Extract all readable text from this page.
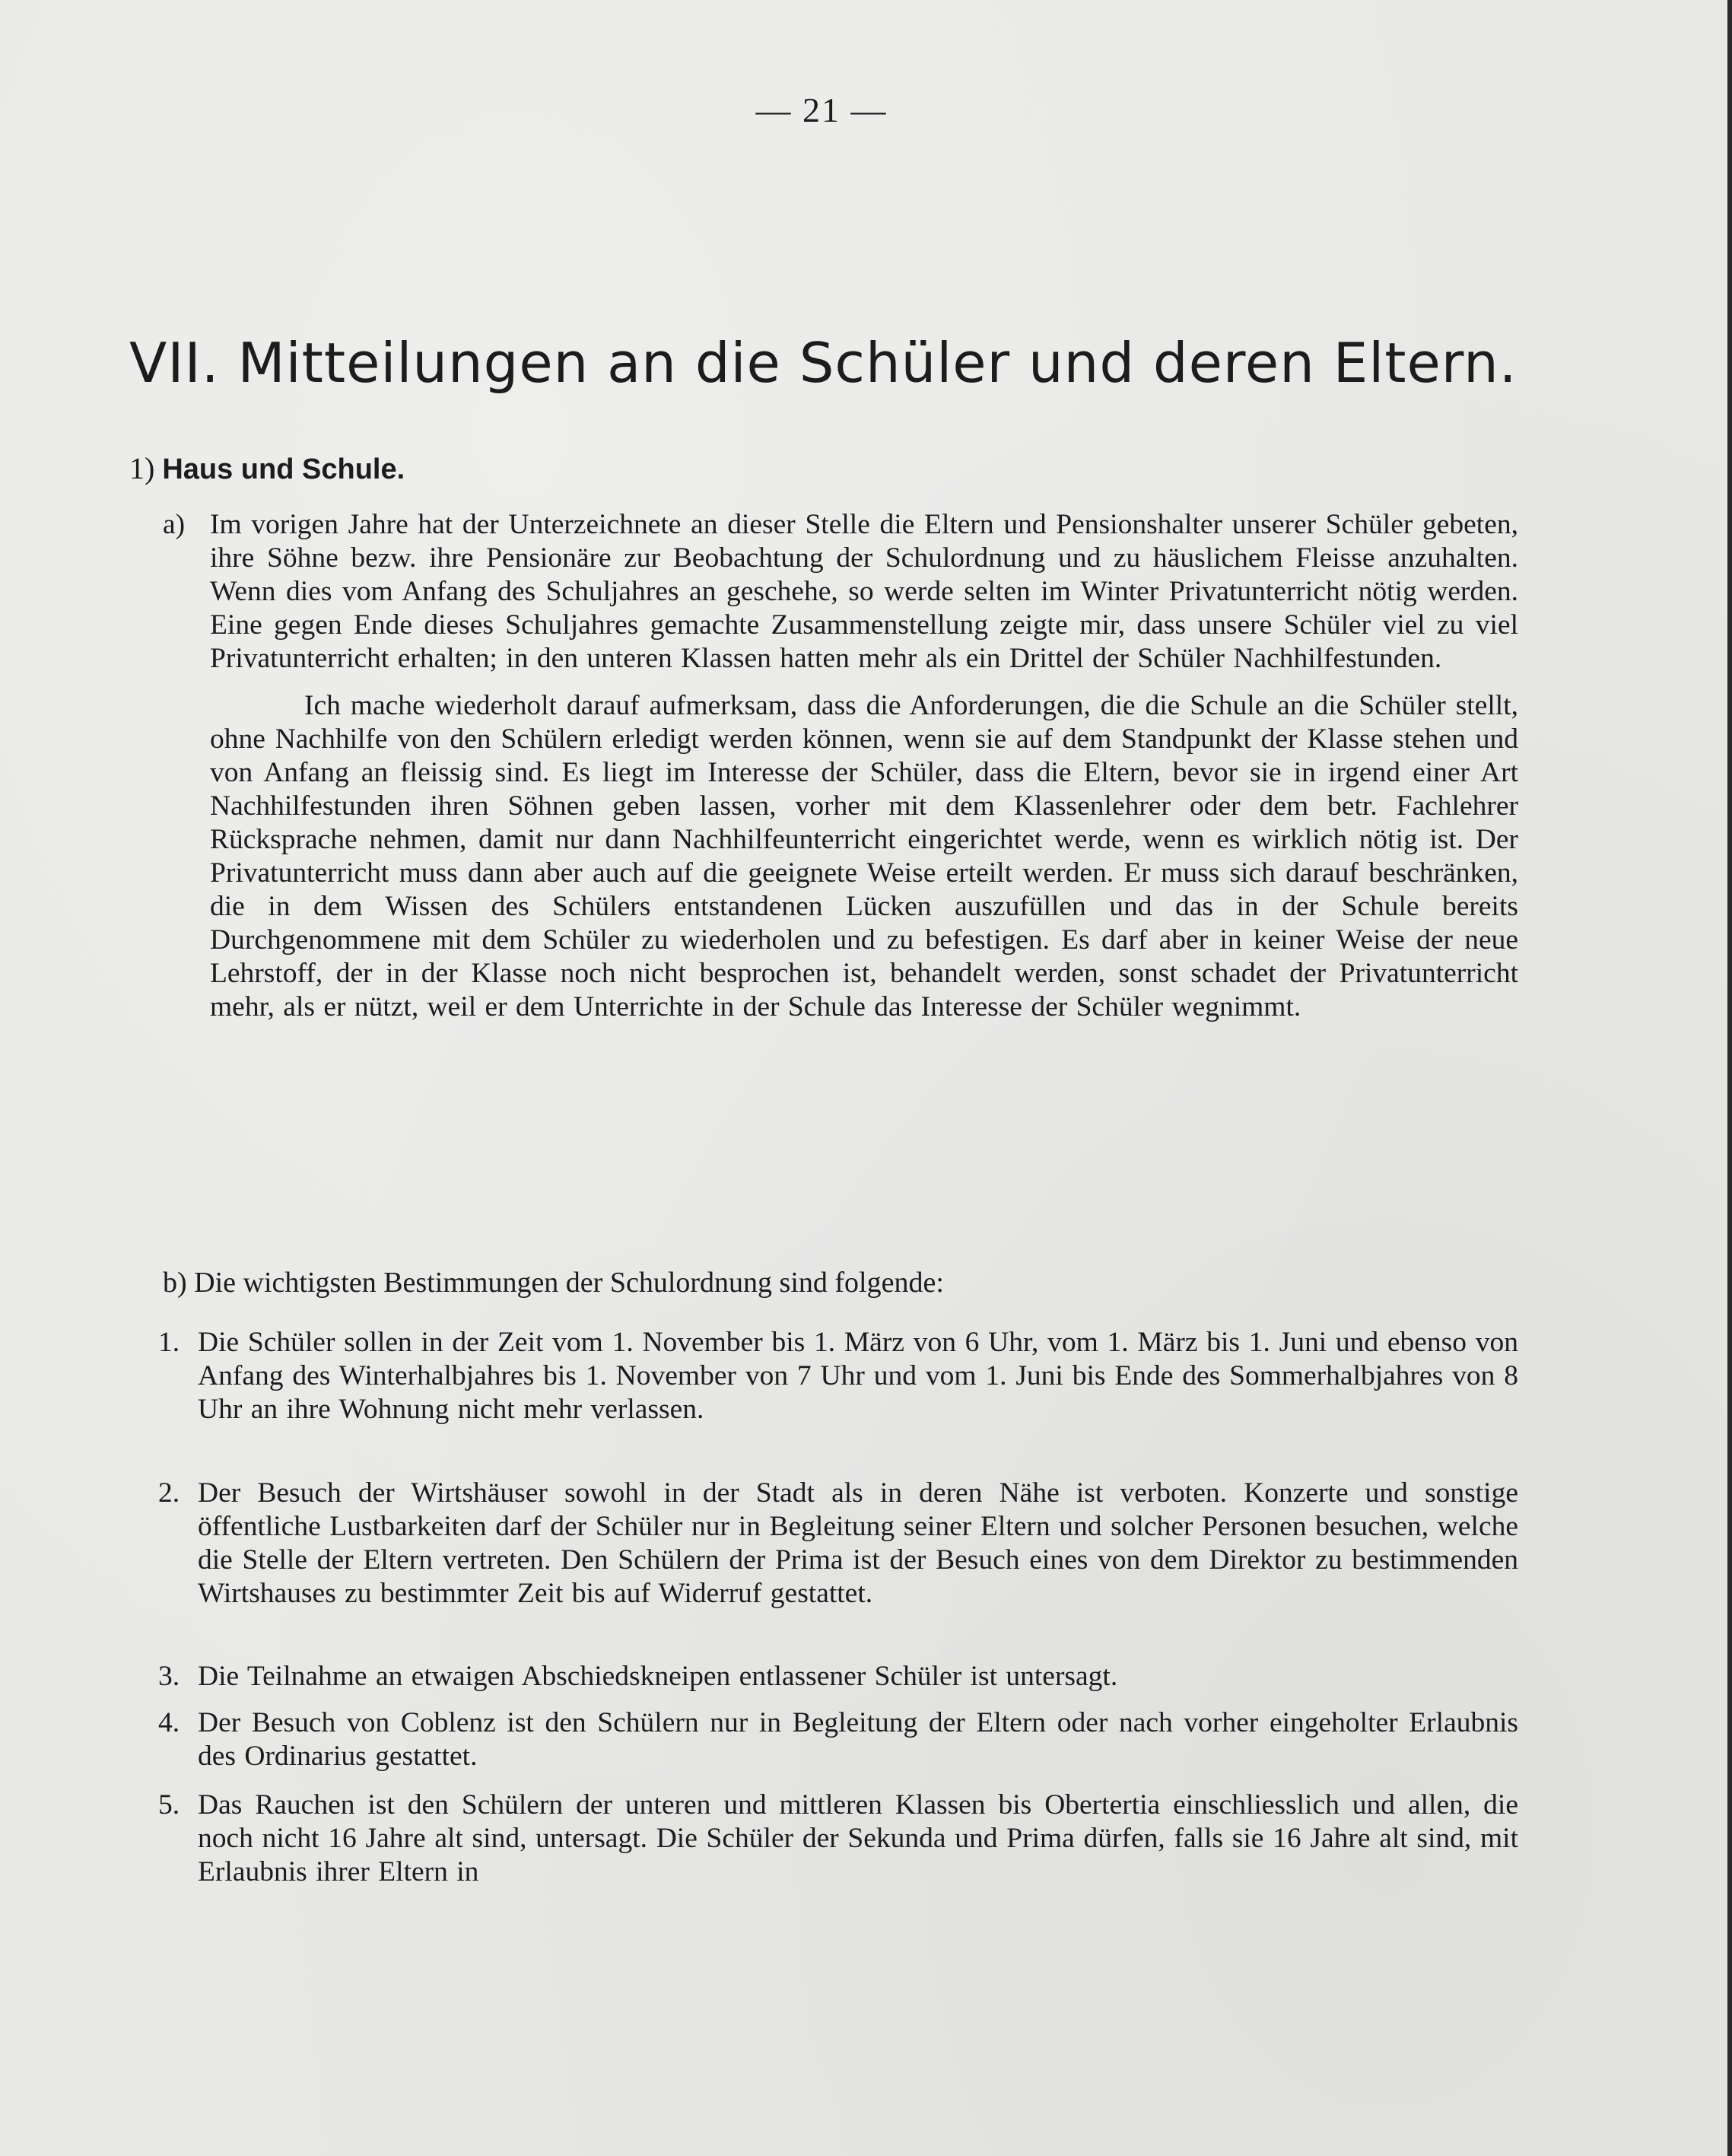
— 21 —
VII. Mitteilungen an die Schüler und deren Eltern.
1) Haus und Schule.
a) Im vorigen Jahre hat der Unterzeichnete an dieser Stelle die Eltern und Pensionshalter unserer Schüler gebeten, ihre Söhne bezw. ihre Pensionäre zur Beobachtung der Schulordnung und zu häuslichem Fleisse anzuhalten. Wenn dies vom Anfang des Schuljahres an geschehe, so werde selten im Winter Privatunterricht nötig werden. Eine gegen Ende dieses Schuljahres gemachte Zusammenstellung zeigte mir, dass unsere Schüler viel zu viel Privatunterricht erhalten; in den unteren Klassen hatten mehr als ein Drittel der Schüler Nachhilfestunden.

Ich mache wiederholt darauf aufmerksam, dass die Anforderungen, die die Schule an die Schüler stellt, ohne Nachhilfe von den Schülern erledigt werden können, wenn sie auf dem Standpunkt der Klasse stehen und von Anfang an fleissig sind. Es liegt im Interesse der Schüler, dass die Eltern, bevor sie in irgend einer Art Nachhilfestunden ihren Söhnen geben lassen, vorher mit dem Klassenlehrer oder dem betr. Fachlehrer Rücksprache nehmen, damit nur dann Nachhilfeunterricht eingerichtet werde, wenn es wirklich nötig ist. Der Privatunterricht muss dann aber auch auf die geeignete Weise erteilt werden. Er muss sich darauf beschränken, die in dem Wissen des Schülers entstandenen Lücken auszufüllen und das in der Schule bereits Durchgenommene mit dem Schüler zu wiederholen und zu befestigen. Es darf aber in keiner Weise der neue Lehrstoff, der in der Klasse noch nicht besprochen ist, behandelt werden, sonst schadet der Privatunterricht mehr, als er nützt, weil er dem Unterrichte in der Schule das Interesse der Schüler wegnimmt.

b) Die wichtigsten Bestimmungen der Schulordnung sind folgende:
1. Die Schüler sollen in der Zeit vom 1. November bis 1. März von 6 Uhr, vom 1. März bis 1. Juni und ebenso von Anfang des Winterhalbjahres bis 1. November von 7 Uhr und vom 1. Juni bis Ende des Sommerhalbjahres von 8 Uhr an ihre Wohnung nicht mehr verlassen.

2. Der Besuch der Wirtshäuser sowohl in der Stadt als in deren Nähe ist verboten. Konzerte und sonstige öffentliche Lustbarkeiten darf der Schüler nur in Begleitung seiner Eltern und solcher Personen besuchen, welche die Stelle der Eltern vertreten. Den Schülern der Prima ist der Besuch eines von dem Direktor zu bestimmenden Wirtshauses zu bestimmter Zeit bis auf Widerruf gestattet.

3. Die Teilnahme an etwaigen Abschiedskneipen entlassener Schüler ist untersagt.

4. Der Besuch von Coblenz ist den Schülern nur in Begleitung der Eltern oder nach vorher eingeholter Erlaubnis des Ordinarius gestattet.

5. Das Rauchen ist den Schülern der unteren und mittleren Klassen bis Obertertia einschliesslich und allen, die noch nicht 16 Jahre alt sind, untersagt. Die Schüler der Sekunda und Prima dürfen, falls sie 16 Jahre alt sind, mit Erlaubnis ihrer Eltern in
